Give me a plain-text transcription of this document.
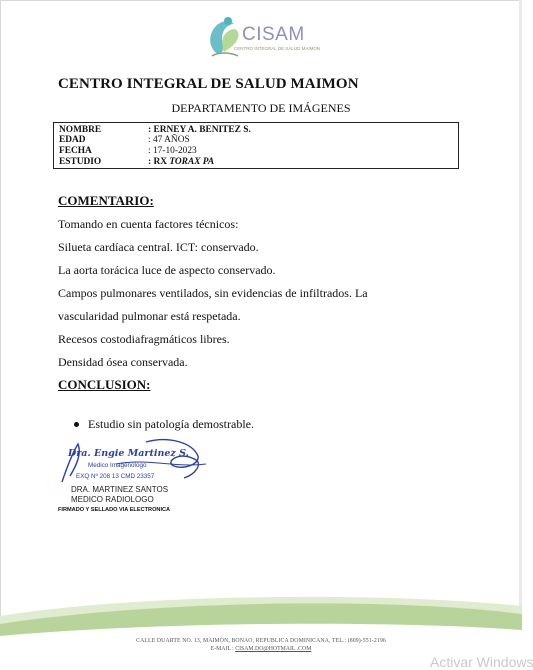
CISAM
CENTRO INTEGRAL DE SALUD MAIMON
CENTRO INTEGRAL DE SALUD MAIMON
DEPARTAMENTO DE IMÁGENES
NOMBRE	: ERNEY A. BENITEZ S.
EDAD	: 47 AÑOS
FECHA	: 17-10-2023
ESTUDIO	: RX TORAX PA
COMENTARIO:
Tomando en cuenta factores técnicos:
Silueta cardíaca central. ICT: conservado.
La aorta torácica luce de aspecto conservado.
Campos pulmonares ventilados, sin evidencias de infiltrados. La
vascularidad pulmonar está respetada.
Recesos costodiafragmáticos libres.
Densidad ósea conservada.
CONCLUSION:
Estudio sin patología demostrable.
Dra. Engie Martinez S.
Medico Imagenologo
EXQ Nº 208 13 CMD 23357
DRA. MARTINEZ SANTOS
MEDICO RADIOLOGO
FIRMADO Y SELLADO VIA ELECTRONICA
CALLE DUARTE NO. 13, MAIMÓN, BONAO, REPUBLICA DOMINICANA, TEL.: (809)-551-2196
E-MAIL : CISAM.DO@HOTMAIL .COM
Activar Windows
